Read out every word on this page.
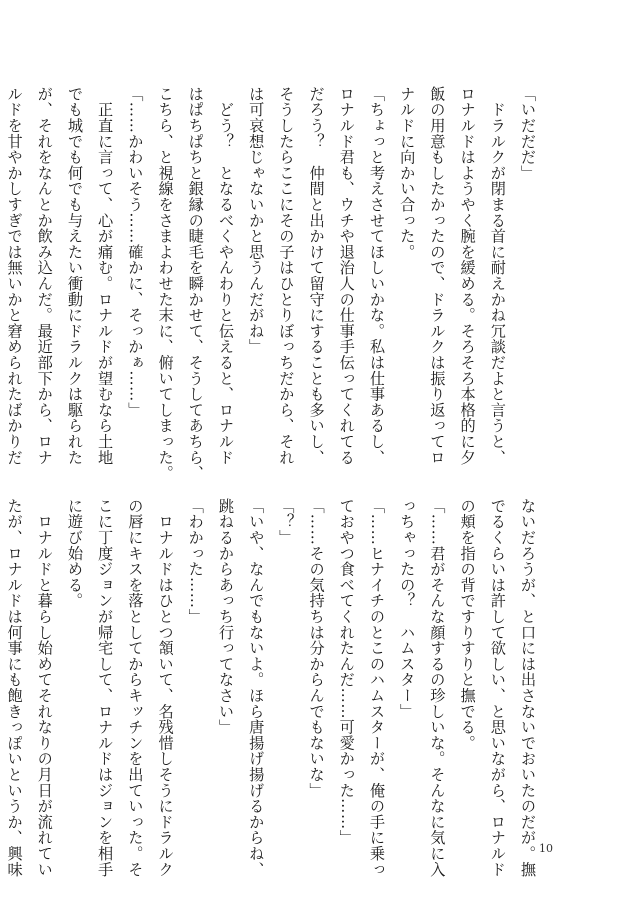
「いだだだ」
　ドラルクが閉まる首に耐えかね冗談だよと言うと、
ロナルドはようやく腕を緩める。そろそろ本格的に夕
飯の用意もしたかったので、ドラルクは振り返ってロ
ナルドに向かい合った。
「ちょっと考えさせてほしいかな。私は仕事あるし、
ロナルド君も、ウチや退治人の仕事手伝ってくれてる
だろう？　仲間と出かけて留守にすることも多いし、
そうしたらここにその子はひとりぼっちだから、それ
は可哀想じゃないかと思うんだがね」
　どう？　となるべくやんわりと伝えると、ロナルド
はぱちぱちと銀縁の睫毛を瞬かせて、そうしてあちら、
こちら、と視線をさまよわせた末に、俯いてしまった。
「……かわいそう……確かに、そっかぁ……」
　正直に言って、心が痛む。ロナルドが望むなら土地
でも城でも何でも与えたい衝動にドラルクは駆られた
が、それをなんとか飲み込んだ。最近部下から、ロナ
ルドを甘やかしすぎでは無いかと窘められたばかりだ
ないだろうが、と口には出さないでおいたのだが。撫
でるくらいは許して欲しい、と思いながら、ロナルド
の頬を指の背ですりすりと撫でる。
「……君がそんな顔するの珍しいな。そんなに気に入
っちゃったの？　ハムスター」
「……ヒナイチのとこのハムスターが、俺の手に乗っ
ておやつ食べてくれたんだ……可愛かった……」
「……その気持ちは分からんでもないな」
「？」
「いや、なんでもないよ。ほら唐揚げ揚げるからね、
跳ねるからあっち行ってなさい」
「わかった……」
　ロナルドはひとつ頷いて、名残惜しそうにドラルク
の唇にキスを落としてからキッチンを出ていった。そ
こに丁度ジョンが帰宅して、ロナルドはジョンを相手
に遊び始める。
　ロナルドと暮らし始めてそれなりの月日が流れてい
たが、ロナルドは何事にも飽きっぽいというか、興味	10
